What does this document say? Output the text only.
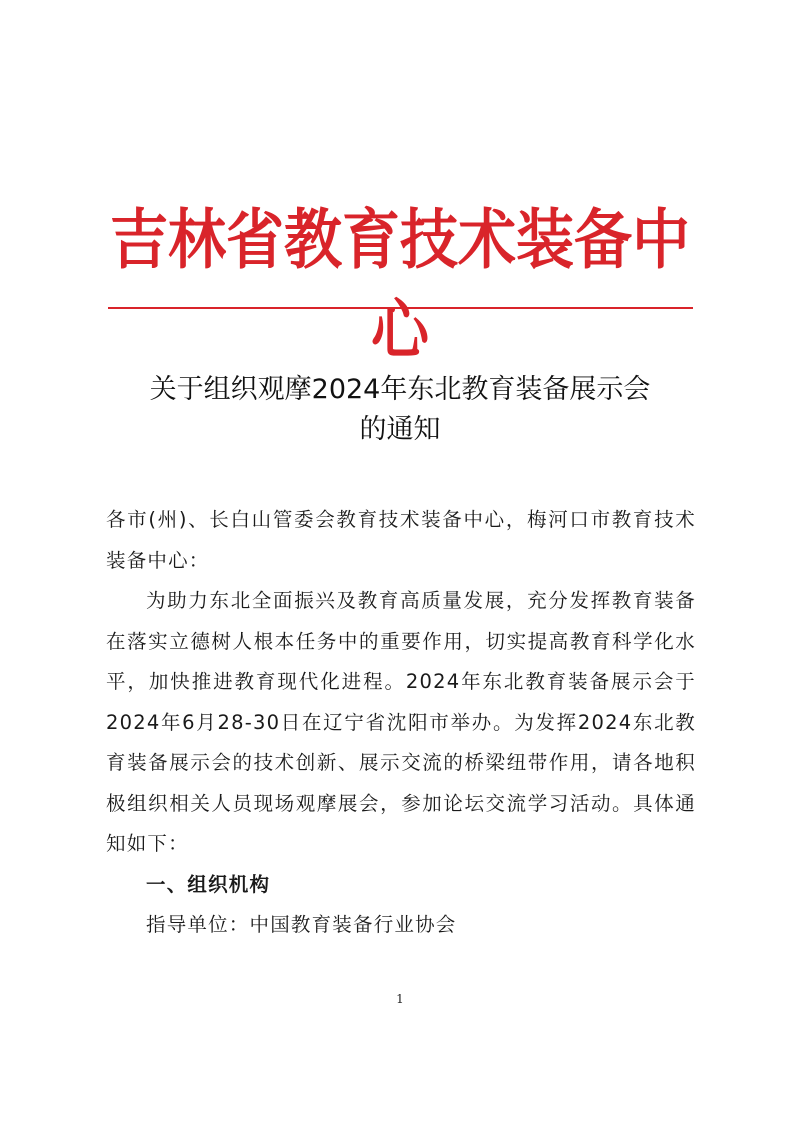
吉林省教育技术装备中心
关于组织观摩2024年东北教育装备展示会
的通知

各市(州)、长白山管委会教育技术装备中心，梅河口市教育技术装备中心：

为助力东北全面振兴及教育高质量发展，充分发挥教育装备在落实立德树人根本任务中的重要作用，切实提高教育科学化水平，加快推进教育现代化进程。2024年东北教育装备展示会于2024年6月28-30日在辽宁省沈阳市举办。为发挥2024东北教育装备展示会的技术创新、展示交流的桥梁纽带作用，请各地积极组织相关人员现场观摩展会，参加论坛交流学习活动。具体通知如下：

一、组织机构

指导单位：中国教育装备行业协会

1
